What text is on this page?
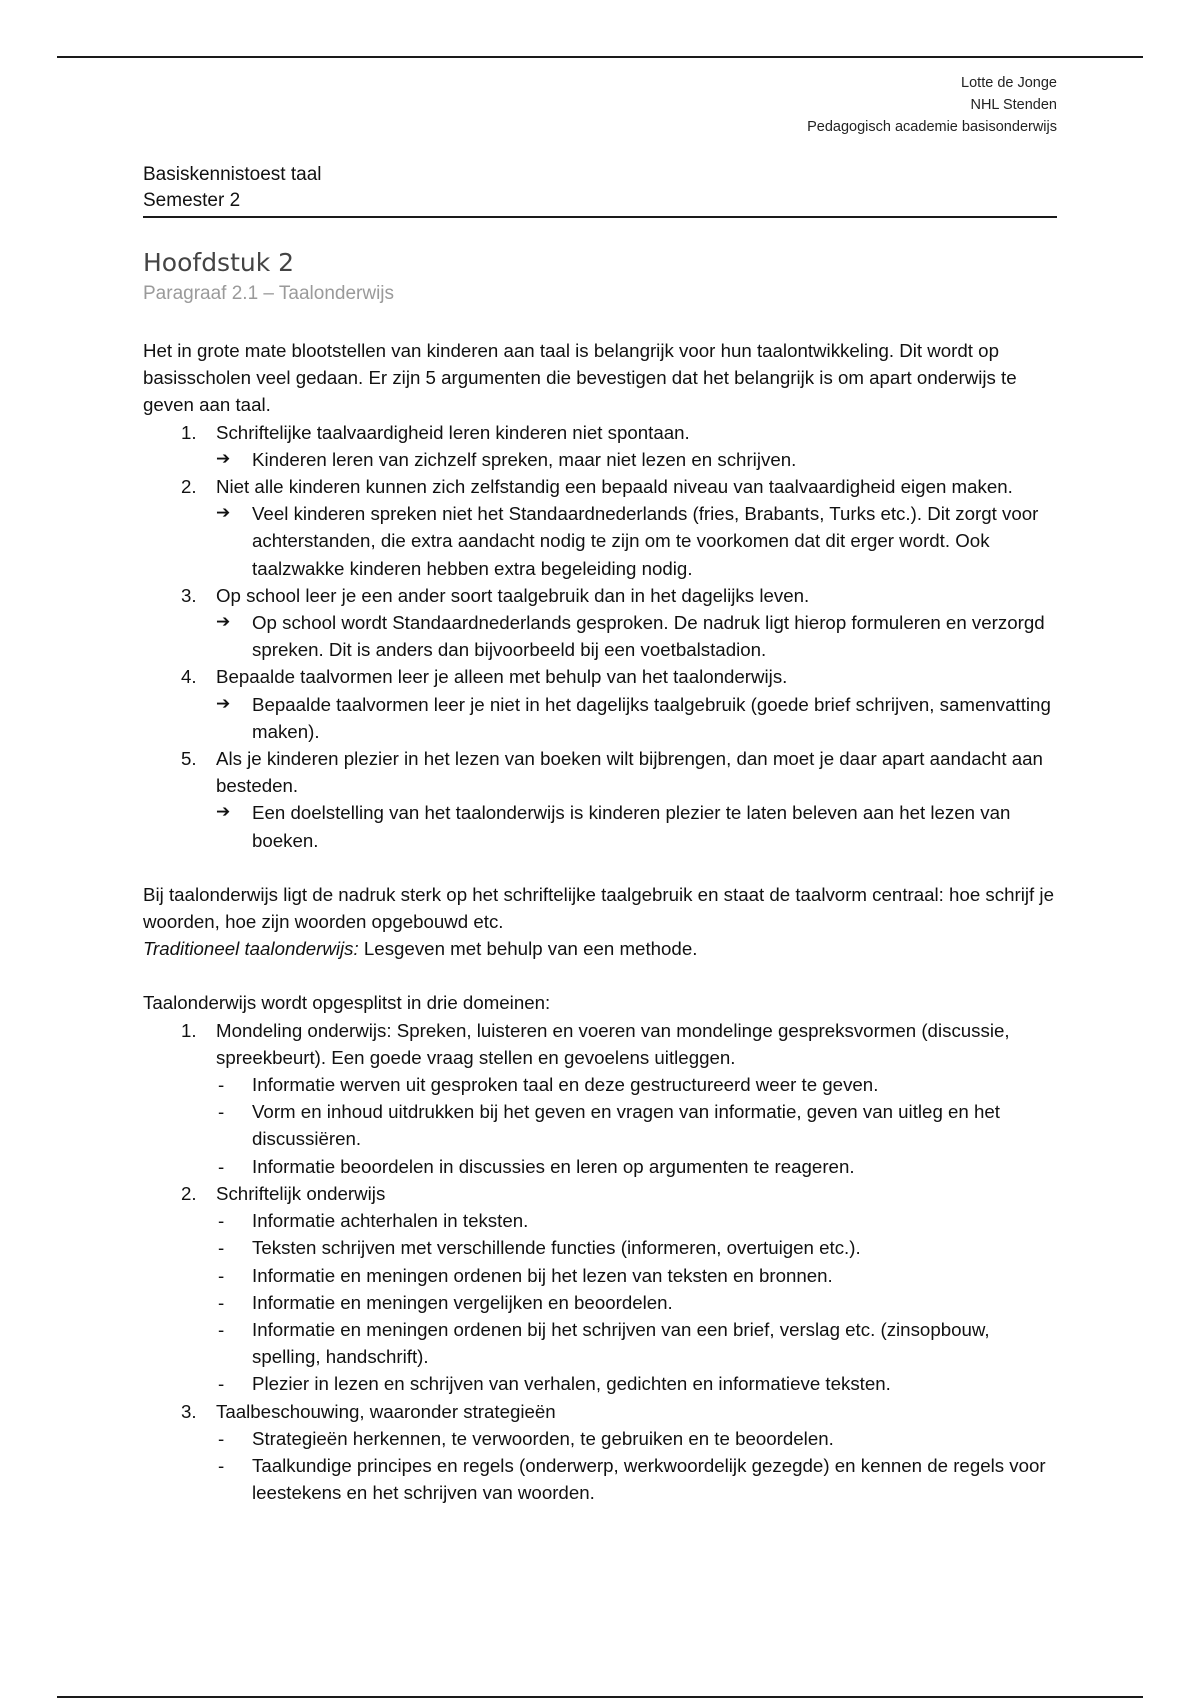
Lotte de Jonge
NHL Stenden
Pedagogisch academie basisonderwijs
Basiskennistoest taal
Semester 2
Hoofdstuk 2
Paragraaf 2.1 – Taalonderwijs

Het in grote mate blootstellen van kinderen aan taal is belangrijk voor hun taalontwikkeling. Dit wordt op basisscholen veel gedaan. Er zijn 5 argumenten die bevestigen dat het belangrijk is om apart onderwijs te geven aan taal.

1. Schriftelijke taalvaardigheid leren kinderen niet spontaan.
➔ Kinderen leren van zichzelf spreken, maar niet lezen en schrijven.
2. Niet alle kinderen kunnen zich zelfstandig een bepaald niveau van taalvaardigheid eigen maken.
➔ Veel kinderen spreken niet het Standaardnederlands (fries, Brabants, Turks etc.). Dit zorgt voor achterstanden, die extra aandacht nodig te zijn om te voorkomen dat dit erger wordt. Ook taalzwakke kinderen hebben extra begeleiding nodig.
3. Op school leer je een ander soort taalgebruik dan in het dagelijks leven.
➔ Op school wordt Standaardnederlands gesproken. De nadruk ligt hierop formuleren en verzorgd spreken. Dit is anders dan bijvoorbeeld bij een voetbalstadion.
4. Bepaalde taalvormen leer je alleen met behulp van het taalonderwijs.
➔ Bepaalde taalvormen leer je niet in het dagelijks taalgebruik (goede brief schrijven, samenvatting maken).
5. Als je kinderen plezier in het lezen van boeken wilt bijbrengen, dan moet je daar apart aandacht aan besteden.
➔ Een doelstelling van het taalonderwijs is kinderen plezier te laten beleven aan het lezen van boeken.

Bij taalonderwijs ligt de nadruk sterk op het schriftelijke taalgebruik en staat de taalvorm centraal: hoe schrijf je woorden, hoe zijn woorden opgebouwd etc.

Traditioneel taalonderwijs: Lesgeven met behulp van een methode.

Taalonderwijs wordt opgesplitst in drie domeinen:

1. Mondeling onderwijs: Spreken, luisteren en voeren van mondelinge gespreksvormen (discussie, spreekbeurt). Een goede vraag stellen en gevoelens uitleggen.
- Informatie werven uit gesproken taal en deze gestructureerd weer te geven.
- Vorm en inhoud uitdrukken bij het geven en vragen van informatie, geven van uitleg en het discussiëren.
- Informatie beoordelen in discussies en leren op argumenten te reageren.
2. Schriftelijk onderwijs
- Informatie achterhalen in teksten.
- Teksten schrijven met verschillende functies (informeren, overtuigen etc.).
- Informatie en meningen ordenen bij het lezen van teksten en bronnen.
- Informatie en meningen vergelijken en beoordelen.
- Informatie en meningen ordenen bij het schrijven van een brief, verslag etc. (zinsopbouw, spelling, handschrift).
- Plezier in lezen en schrijven van verhalen, gedichten en informatieve teksten.
3. Taalbeschouwing, waaronder strategieën
- Strategieën herkennen, te verwoorden, te gebruiken en te beoordelen.
- Taalkundige principes en regels (onderwerp, werkwoordelijk gezegde) en kennen de regels voor leestekens en het schrijven van woorden.
